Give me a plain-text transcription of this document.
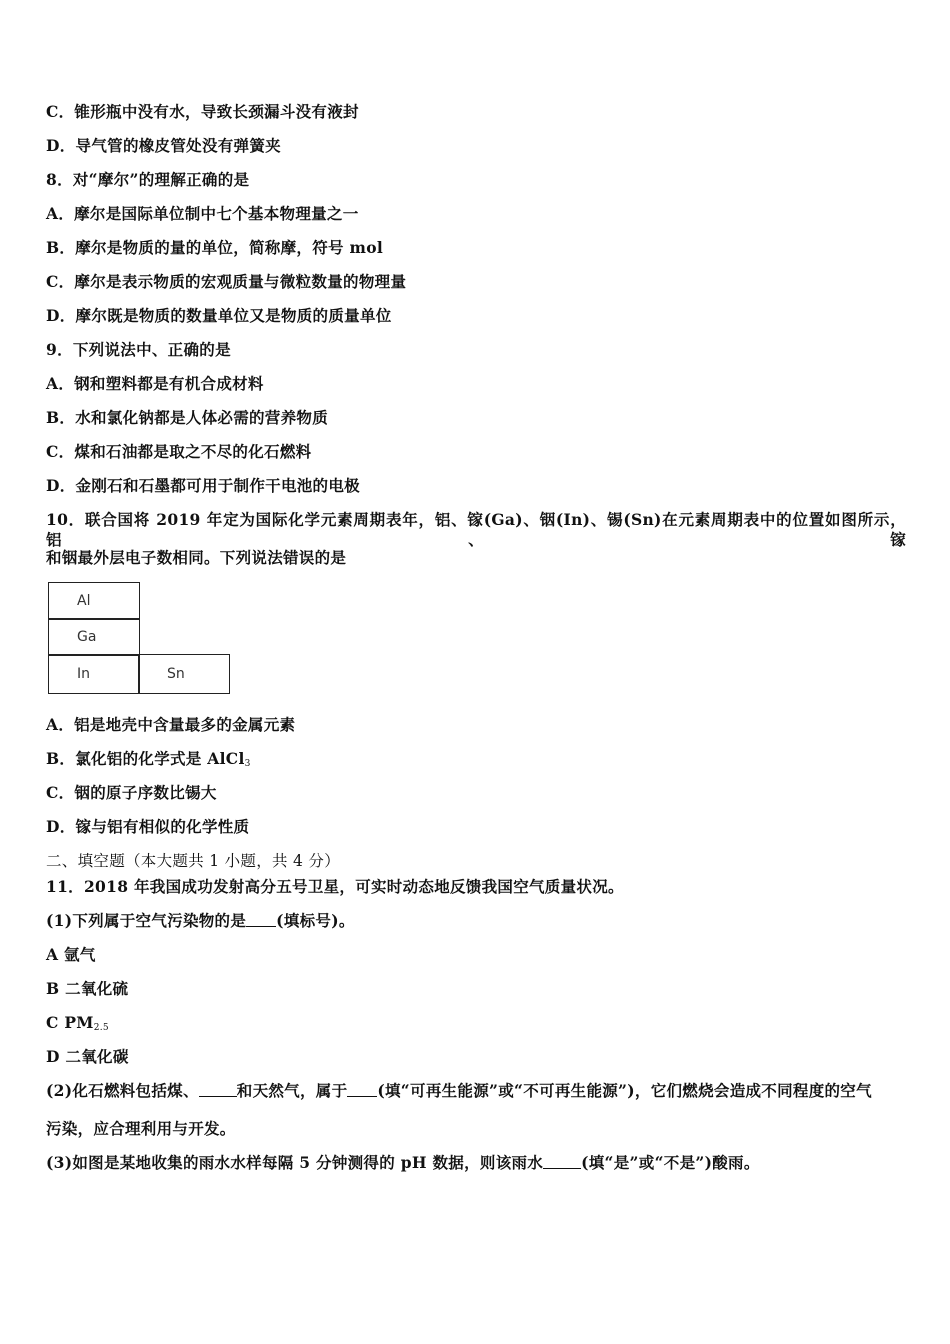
C．锥形瓶中没有水，导致长颈漏斗没有液封
D．导气管的橡皮管处没有弹簧夹
8．对“摩尔”的理解正确的是
A．摩尔是国际单位制中七个基本物理量之一
B．摩尔是物质的量的单位，简称摩，符号 mol
C．摩尔是表示物质的宏观质量与微粒数量的物理量
D．摩尔既是物质的数量单位又是物质的质量单位
9．下列说法中、正确的是
A．钢和塑料都是有机合成材料
B．水和氯化钠都是人体必需的营养物质
C．煤和石油都是取之不尽的化石燃料
D．金刚石和石墨都可用于制作干电池的电极
10．联合国将 2019 年定为国际化学元素周期表年，铝、镓(Ga)、铟(In)、锡(Sn)在元素周期表中的位置如图所示，铝、镓
和铟最外层电子数相同。下列说法错误的是
Al
Ga
In	Sn
A．铝是地壳中含量最多的金属元素
B．氯化铝的化学式是 AlCl$_3$
C．铟的原子序数比锡大
D．镓与铝有相似的化学性质
二、填空题（本大题共 1 小题，共 4 分）
11．2018 年我国成功发射高分五号卫星，可实时动态地反馈我国空气质量状况。
(1)下列属于空气污染物的是 (填标号)。
A 氩气
B 二氧化硫
C $PM_{2.5}$
D 二氧化碳
(2)化石燃料包括煤、 和天然气，属于 (填“可再生能源”或“不可再生能源”)，它们燃烧会造成不同程度的空气
污染，应合理利用与开发。
(3)如图是某地收集的雨水水样每隔 5 分钟测得的 pH 数据，则该雨水 (填“是”或“不是”)酸雨。
